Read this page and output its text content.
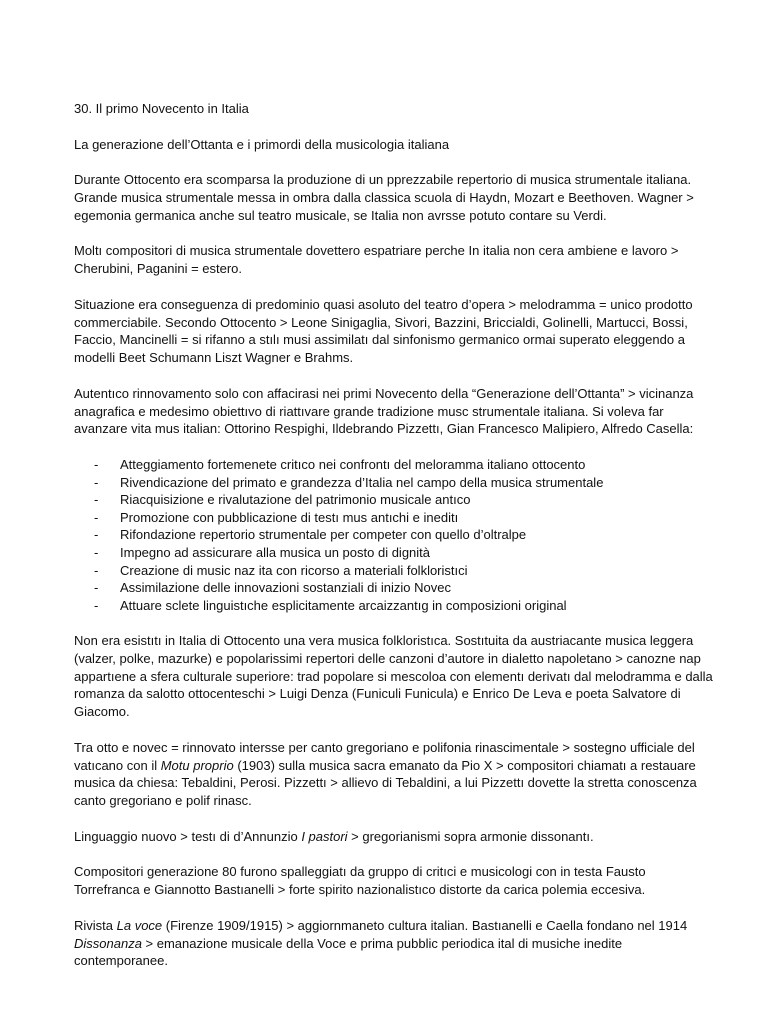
30. Il primo Novecento in Italia

La generazione dell’Ottanta e i primordi della musicologia italiana

Durante Ottocento era scomparsa la produzione di un pprezzabile repertorio di musica strumentale italiana. Grande musica strumentale messa in ombra dalla classica scuola di Haydn, Mozart e Beethoven. Wagner > egemonia germanica anche sul teatro musicale, se Italia non avrsse potuto contare su Verdi.

Moltı compositori di musica strumentale dovettero espatriare perche In italia non cera ambiene e lavoro > Cherubini, Paganini = estero.

Situazione era conseguenza di predominio quasi asoluto del teatro d’opera > melodramma = unico prodotto commerciabile. Secondo Ottocento > Leone Sinigaglia, Sivori, Bazzini, Briccialdi, Golinelli, Martucci, Bossi, Faccio, Mancinelli = si rifanno a stılı musi assimilatı dal sinfonismo germanico ormai superato eleggendo a modelli Beet Schumann Liszt Wagner e Brahms.

Autentıco rinnovamento solo con affacirasi nei primi Novecento della “Generazione dell’Ottanta” > vicinanza anagrafica e medesimo obiettıvo di riattıvare grande tradizione musc strumentale italiana. Si voleva far avanzare vita mus italian: Ottorino Respighi, Ildebrando Pizzettı, Gian Francesco Malipiero, Alfredo Casella:

- Atteggiamento fortemenete critıco nei confrontı del meloramma italiano ottocento
- Rivendicazione del primato e grandezza d’Italia nel campo della musica strumentale
- Riacquisizione e rivalutazione del patrimonio musicale antıco
- Promozione con pubblicazione di testı mus antıchi e ineditı
- Rifondazione repertorio strumentale per competer con quello d’oltralpe
- Impegno ad assicurare alla musica un posto di dignità
- Creazione di music naz ita con ricorso a materiali folkloristıci
- Assimilazione delle innovazioni sostanziali di inizio Novec
- Attuare sclete linguistıche esplicitamente arcaizzantıg in composizioni original

Non era esistıtı in Italia di Ottocento una vera musica folkloristıca. Sostıtuita da austriacante musica leggera (valzer, polke, mazurke) e popolarissimi repertori delle canzoni d’autore in dialetto napoletano > canozne nap appartıene a sfera culturale superiore: trad popolare si mescoloa con elementı derivatı dal melodramma e dalla romanza da salotto ottocenteschi > Luigi Denza (Funiculi Funicula) e Enrico De Leva e poeta Salvatore di Giacomo.

Tra otto e novec = rinnovato intersse per canto gregoriano e polifonia rinascimentale > sostegno ufficiale del vatıcano con il Motu proprio (1903) sulla musica sacra emanato da Pio X > compositori chiamatı a restauare musica da chiesa: Tebaldini, Perosi. Pizzettı > allievo di Tebaldini, a lui Pizzettı dovette la stretta conoscenza canto gregoriano e polif rinasc.

Linguaggio nuovo > testı di d’Annunzio I pastori > gregorianismi sopra armonie dissonantı.

Compositori generazione 80 furono spalleggiatı da gruppo di critıci e musicologi con in testa Fausto Torrefranca e Giannotto Bastıanelli > forte spirito nazionalistıco distorte da carica polemia eccesiva.

Rivista La voce (Firenze 1909/1915) > aggiornmaneto cultura italian. Bastıanelli e Caella fondano nel 1914 Dissonanza > emanazione musicale della Voce e prima pubblic periodica ital di musiche inedite contemporanee.
